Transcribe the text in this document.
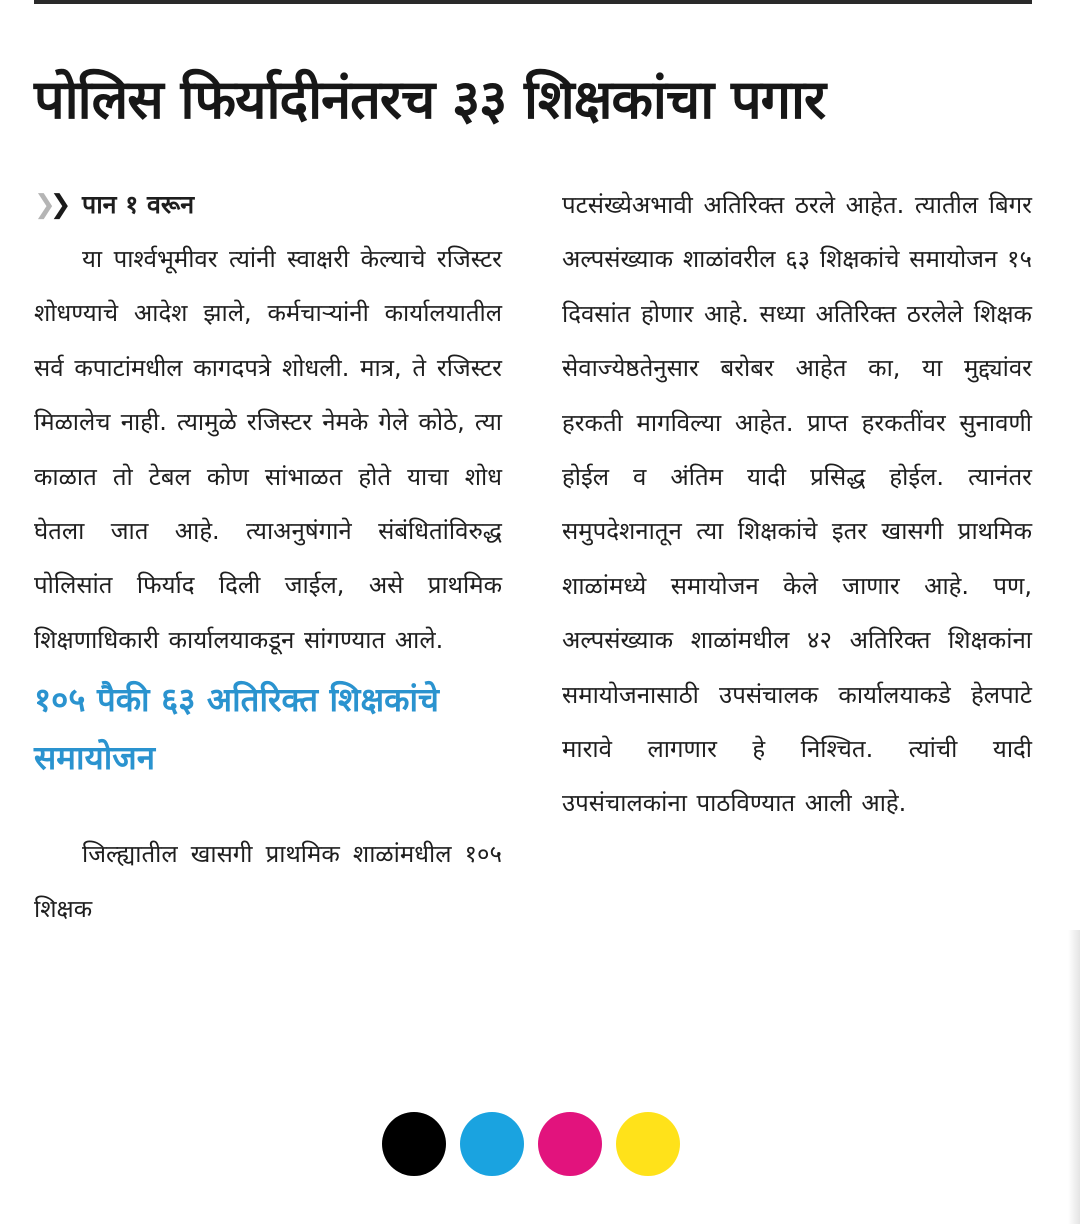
पोलिस फिर्यादीनंतरच ३३ शिक्षकांचा पगार
❯❯ पान १ वरून

या पार्श्वभूमीवर त्यांनी स्वाक्षरी केल्याचे रजिस्टर शोधण्याचे आदेश झाले, कर्मचाऱ्यांनी कार्यालयातील सर्व कपाटांमधील कागदपत्रे शोधली. मात्र, ते रजिस्टर मिळालेच नाही. त्यामुळे रजिस्टर नेमके गेले कोठे, त्या काळात तो टेबल कोण सांभाळत होते याचा शोध घेतला जात आहे. त्याअनुषंगाने संबंधितांविरुद्ध पोलिसांत फिर्याद दिली जाईल, असे प्राथमिक शिक्षणाधिकारी कार्यालयाकडून सांगण्यात आले.

१०५ पैकी ६३ अतिरिक्त शिक्षकांचे समायोजन

जिल्ह्यातील खासगी प्राथमिक शाळांमधील १०५ शिक्षक

पटसंख्येअभावी अतिरिक्त ठरले आहेत. त्यातील बिगर अल्पसंख्याक शाळांवरील ६३ शिक्षकांचे समायोजन १५ दिवसांत होणार आहे. सध्या अतिरिक्त ठरलेले शिक्षक सेवाज्येष्ठतेनुसार बरोबर आहेत का, या मुद्द्यांवर हरकती मागविल्या आहेत. प्राप्त हरकतींवर सुनावणी होईल व अंतिम यादी प्रसिद्ध होईल. त्यानंतर समुपदेशनातून त्या शिक्षकांचे इतर खासगी प्राथमिक शाळांमध्ये समायोजन केले जाणार आहे. पण, अल्पसंख्याक शाळांमधील ४२ अतिरिक्त शिक्षकांना समायोजनासाठी उपसंचालक कार्यालयाकडे हेलपाटे मारावे लागणार हे निश्चित. त्यांची यादी उपसंचालकांना पाठविण्यात आली आहे.
